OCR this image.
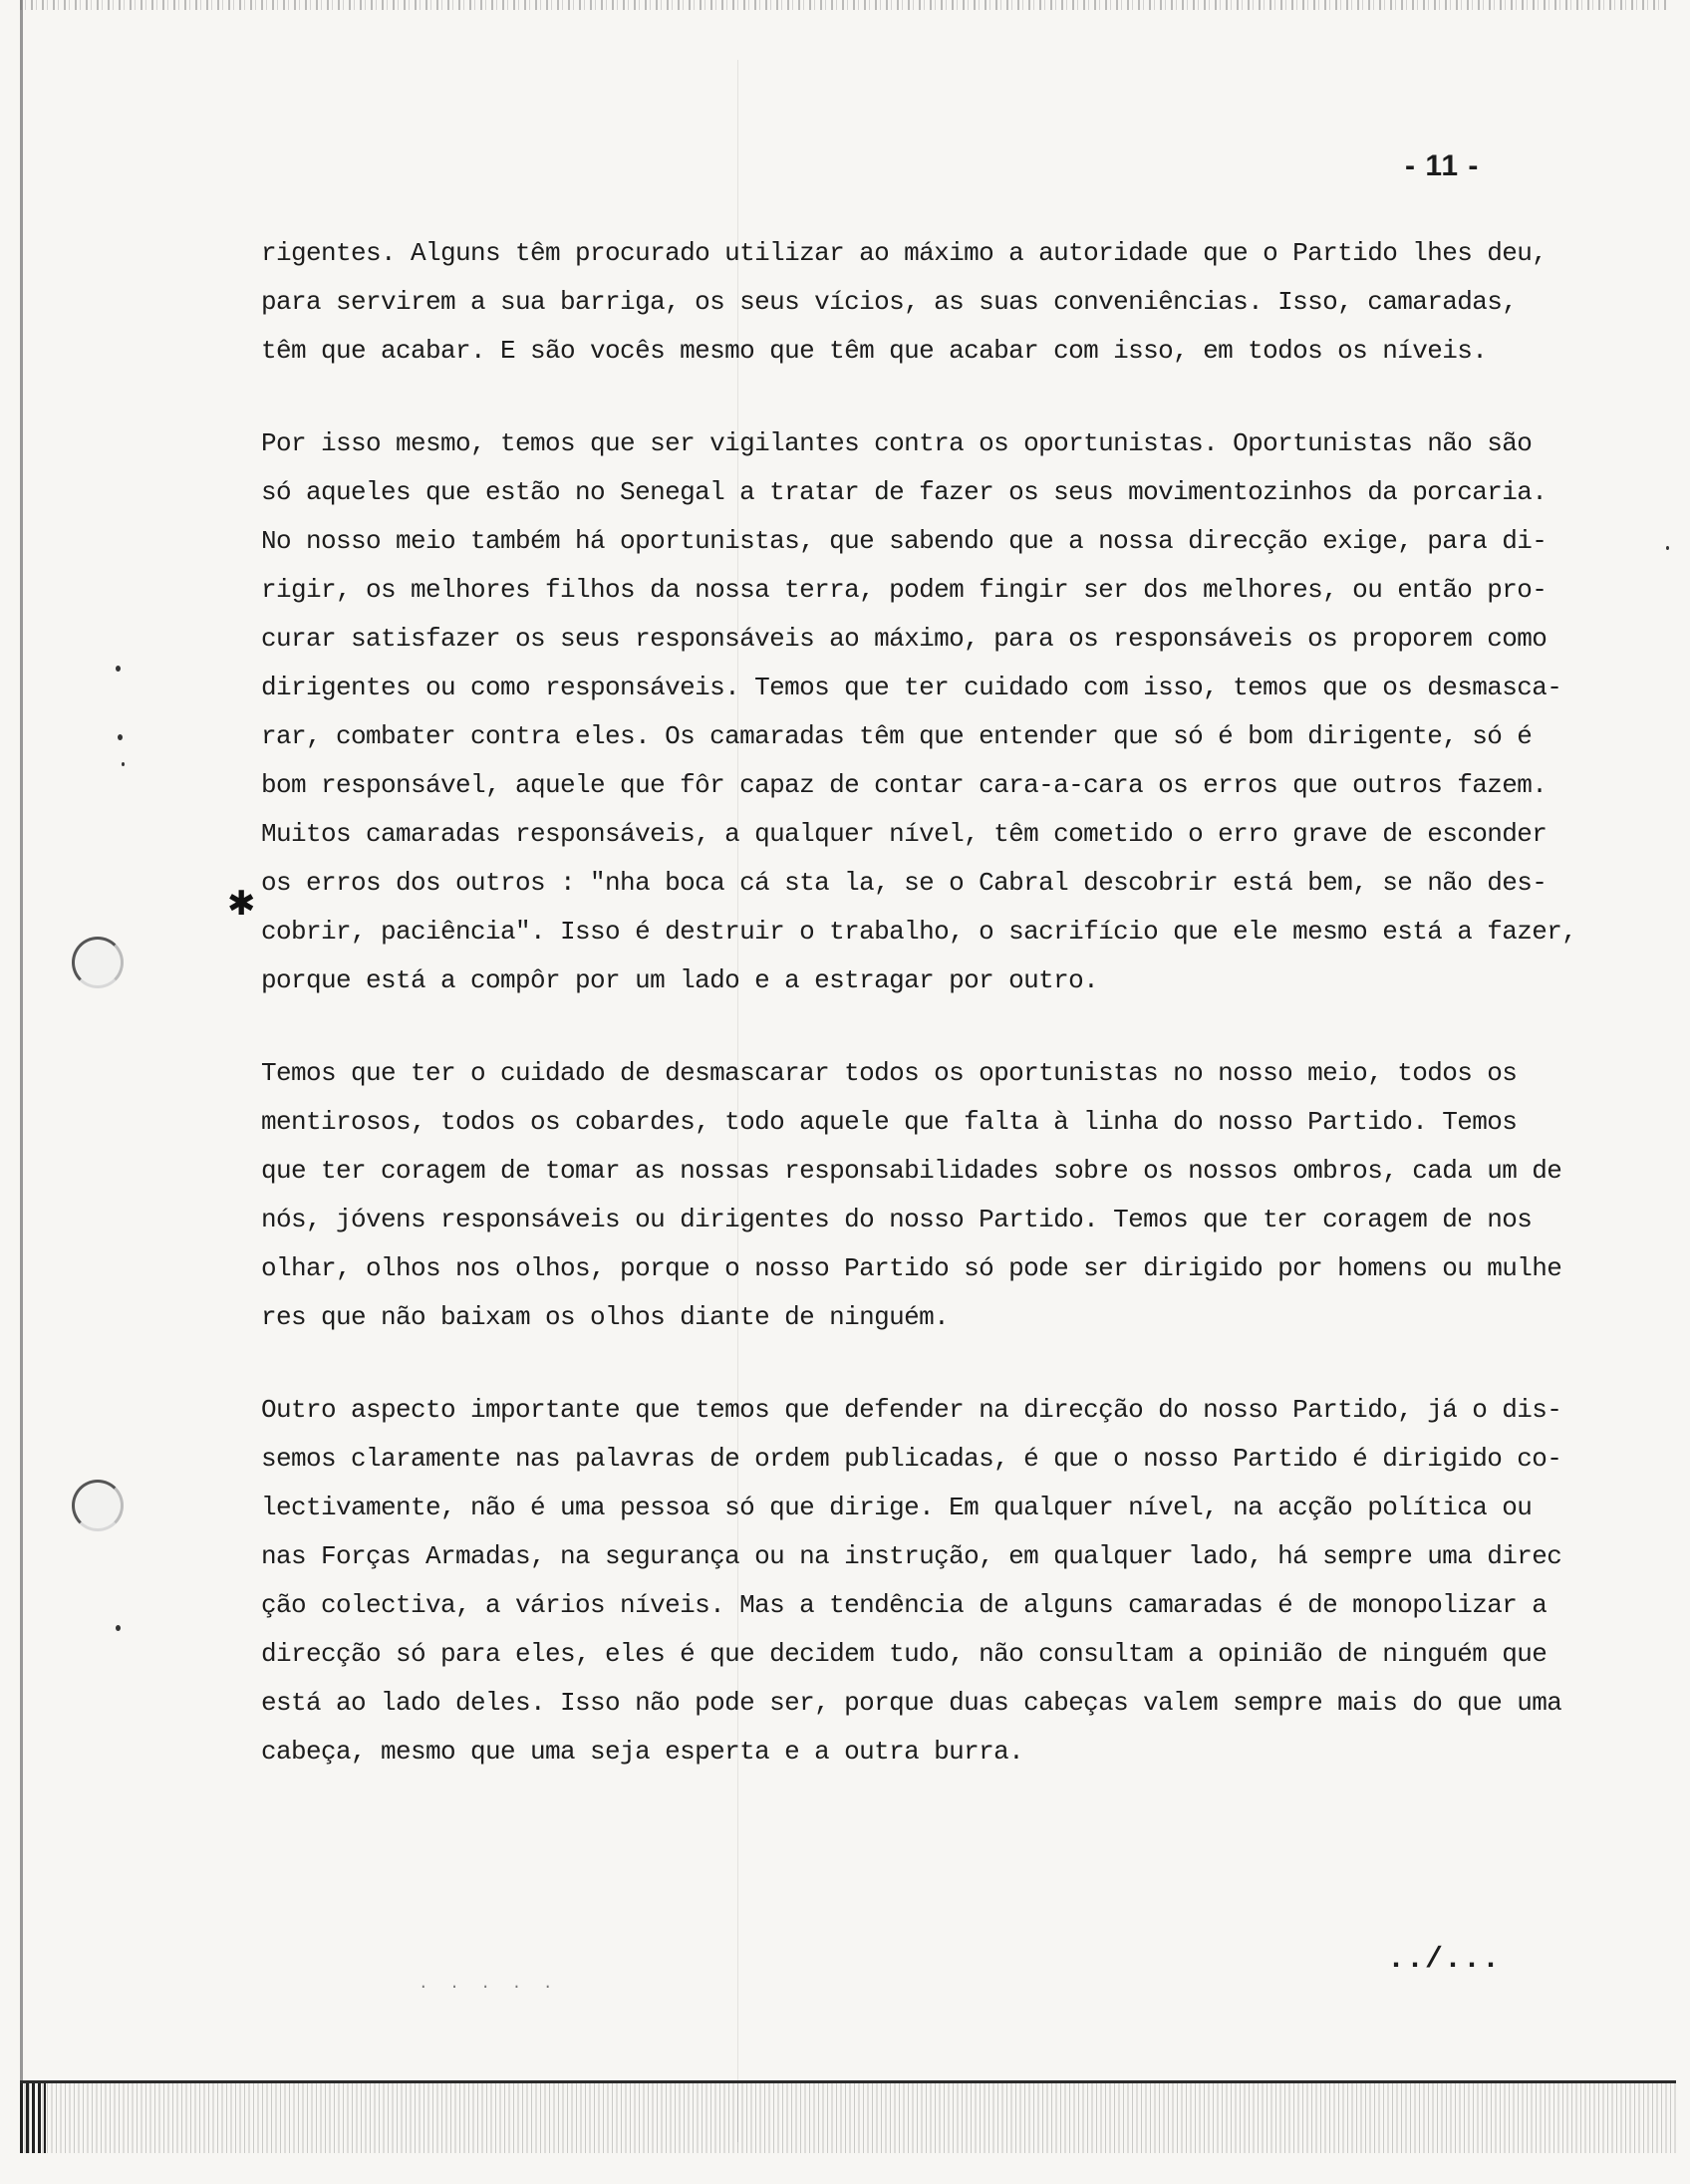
✱
- 11 -
rigentes. Alguns têm procurado utilizar ao máximo a autoridade que o Partido lhes deu,
para servirem a sua barriga, os seus vícios, as suas conveniências. Isso, camaradas,
têm que acabar. E são vocês mesmo que têm que acabar com isso, em todos os níveis.
Por isso mesmo, temos que ser vigilantes contra os oportunistas. Oportunistas não são
só aqueles que estão no Senegal a tratar de fazer os seus movimentozinhos da porcaria.
No nosso meio também há oportunistas, que sabendo que a nossa direcção exige, para di-
rigir, os melhores filhos da nossa terra, podem fingir ser dos melhores, ou então pro-
curar satisfazer os seus responsáveis ao máximo, para os responsáveis os proporem como
dirigentes ou como responsáveis. Temos que ter cuidado com isso, temos que os desmasca-
rar, combater contra eles. Os camaradas têm que entender que só é bom dirigente, só é
bom responsável, aquele que fôr capaz de contar cara-a-cara os erros que outros fazem.
Muitos camaradas responsáveis, a qualquer nível, têm cometido o erro grave de esconder
os erros dos outros : "nha boca cá sta la, se o Cabral descobrir está bem, se não des-
cobrir, paciência". Isso é destruir o trabalho, o sacrifício que ele mesmo está a fazer,
porque está a compôr por um lado e a estragar por outro.
Temos que ter o cuidado de desmascarar todos os oportunistas no nosso meio, todos os
mentirosos, todos os cobardes, todo aquele que falta à linha do nosso Partido. Temos
que ter coragem de tomar as nossas responsabilidades sobre os nossos ombros, cada um de
nós, jóvens responsáveis ou dirigentes do nosso Partido. Temos que ter coragem de nos
olhar, olhos nos olhos, porque o nosso Partido só pode ser dirigido por homens ou mulhe
res que não baixam os olhos diante de ninguém.
Outro aspecto importante que temos que defender na direcção do nosso Partido, já o dis-
semos claramente nas palavras de ordem publicadas, é que o nosso Partido é dirigido co-
lectivamente, não é uma pessoa só que dirige. Em qualquer nível, na acção política ou
nas Forças Armadas, na segurança ou na instrução, em qualquer lado, há sempre uma direc
ção colectiva, a vários níveis. Mas a tendência de alguns camaradas é de monopolizar a
direcção só para eles, eles é que decidem tudo, não consultam a opinião de ninguém que
está ao lado deles. Isso não pode ser, porque duas cabeças valem sempre mais do que uma
cabeça, mesmo que uma seja esperta e a outra burra.
· · · · ·
../...
